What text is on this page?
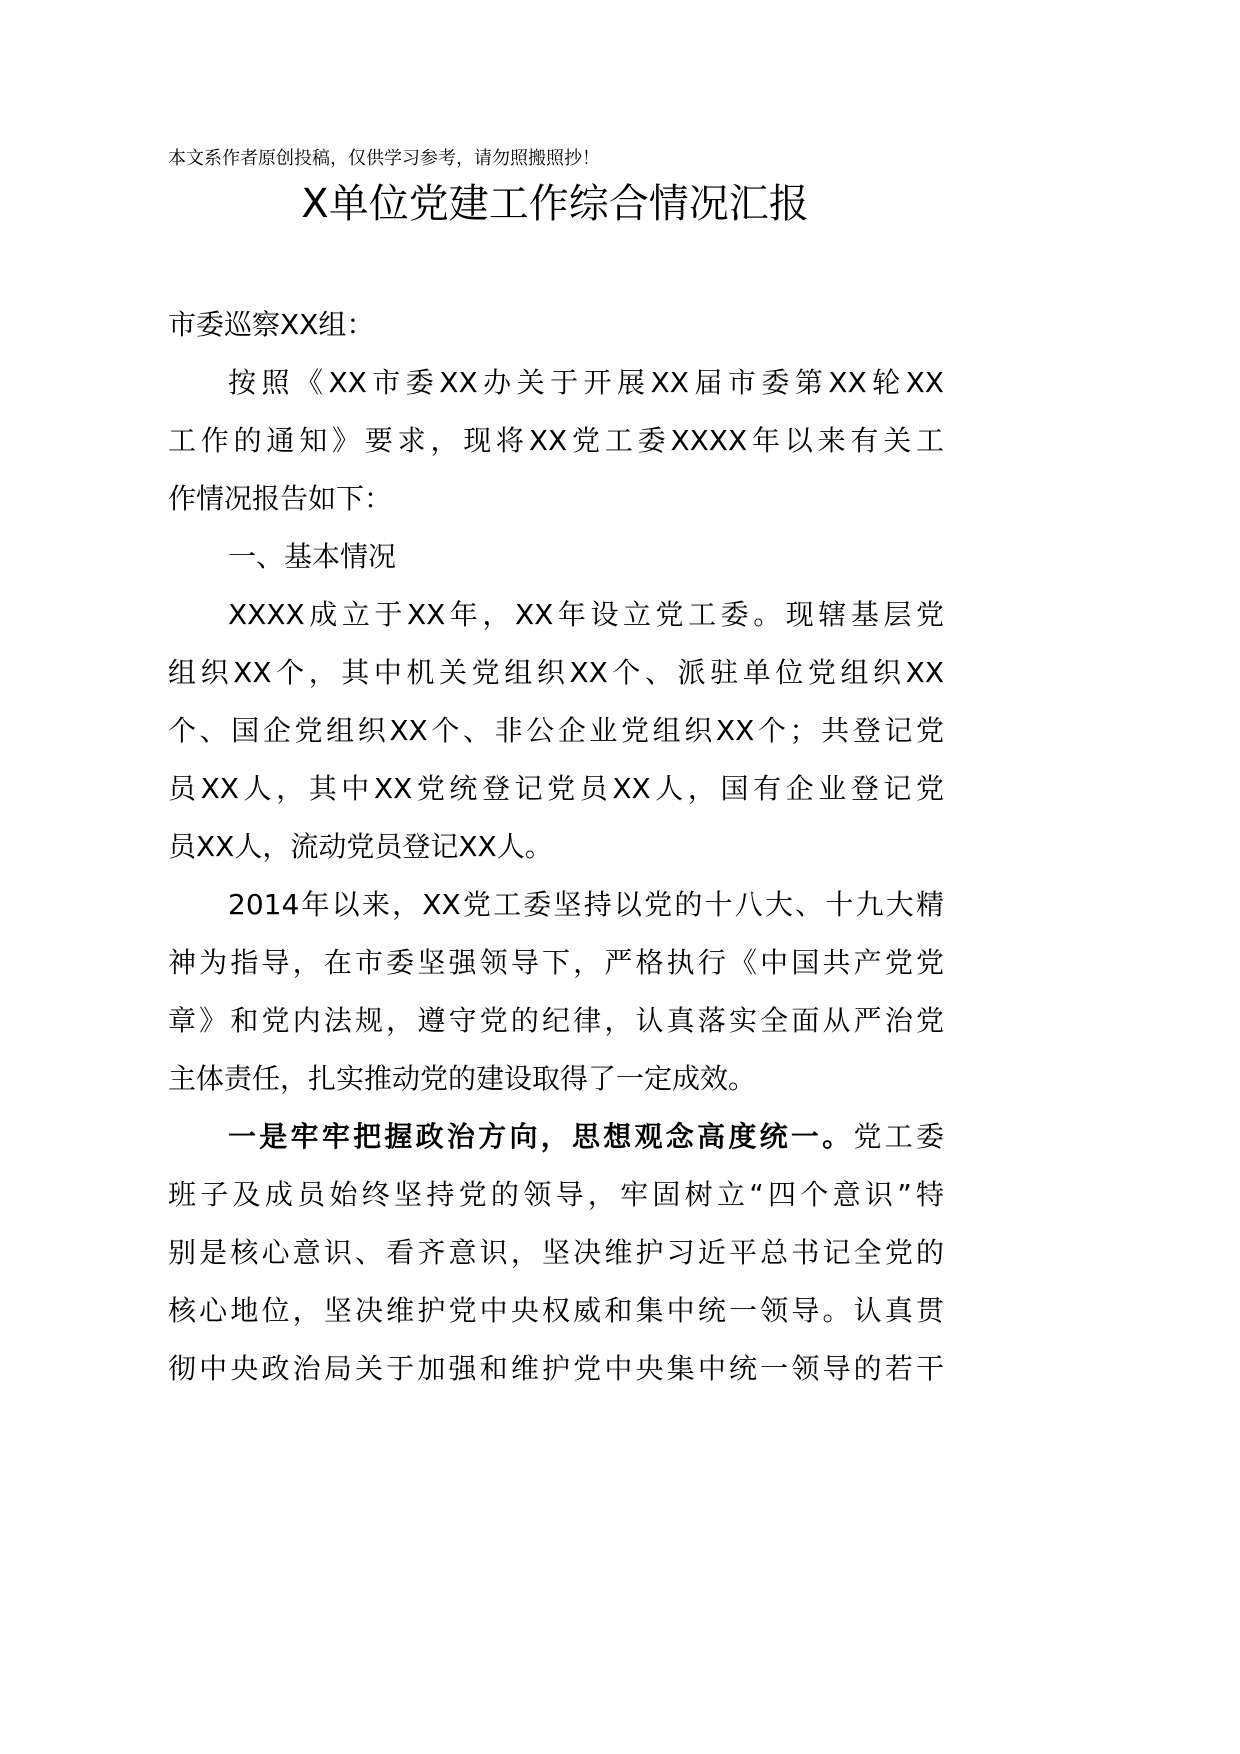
本文系作者原创投稿，仅供学习参考，请勿照搬照抄！
X单位党建工作综合情况汇报
市委巡察XX组：
按照《XX市委XX办关于开展XX届市委第XX轮XX
工作的通知》要求，现将XX党工委XXXX年以来有关工
作情况报告如下：
一、基本情况
XXXX成立于XX年，XX年设立党工委。现辖基层党
组织XX个，其中机关党组织XX个、派驻单位党组织XX
个、国企党组织XX个、非公企业党组织XX个；共登记党
员XX人，其中XX党统登记党员XX人，国有企业登记党
员XX人，流动党员登记XX人。
2014年以来，XX党工委坚持以党的十八大、十九大精
神为指导，在市委坚强领导下，严格执行《中国共产党党
章》和党内法规，遵守党的纪律，认真落实全面从严治党
主体责任，扎实推动党的建设取得了一定成效。
一是牢牢把握政治方向，思想观念高度统一。党工委
班子及成员始终坚持党的领导，牢固树立“四个意识”特
别是核心意识、看齐意识，坚决维护习近平总书记全党的
核心地位，坚决维护党中央权威和集中统一领导。认真贯
彻中央政治局关于加强和维护党中央集中统一领导的若干
